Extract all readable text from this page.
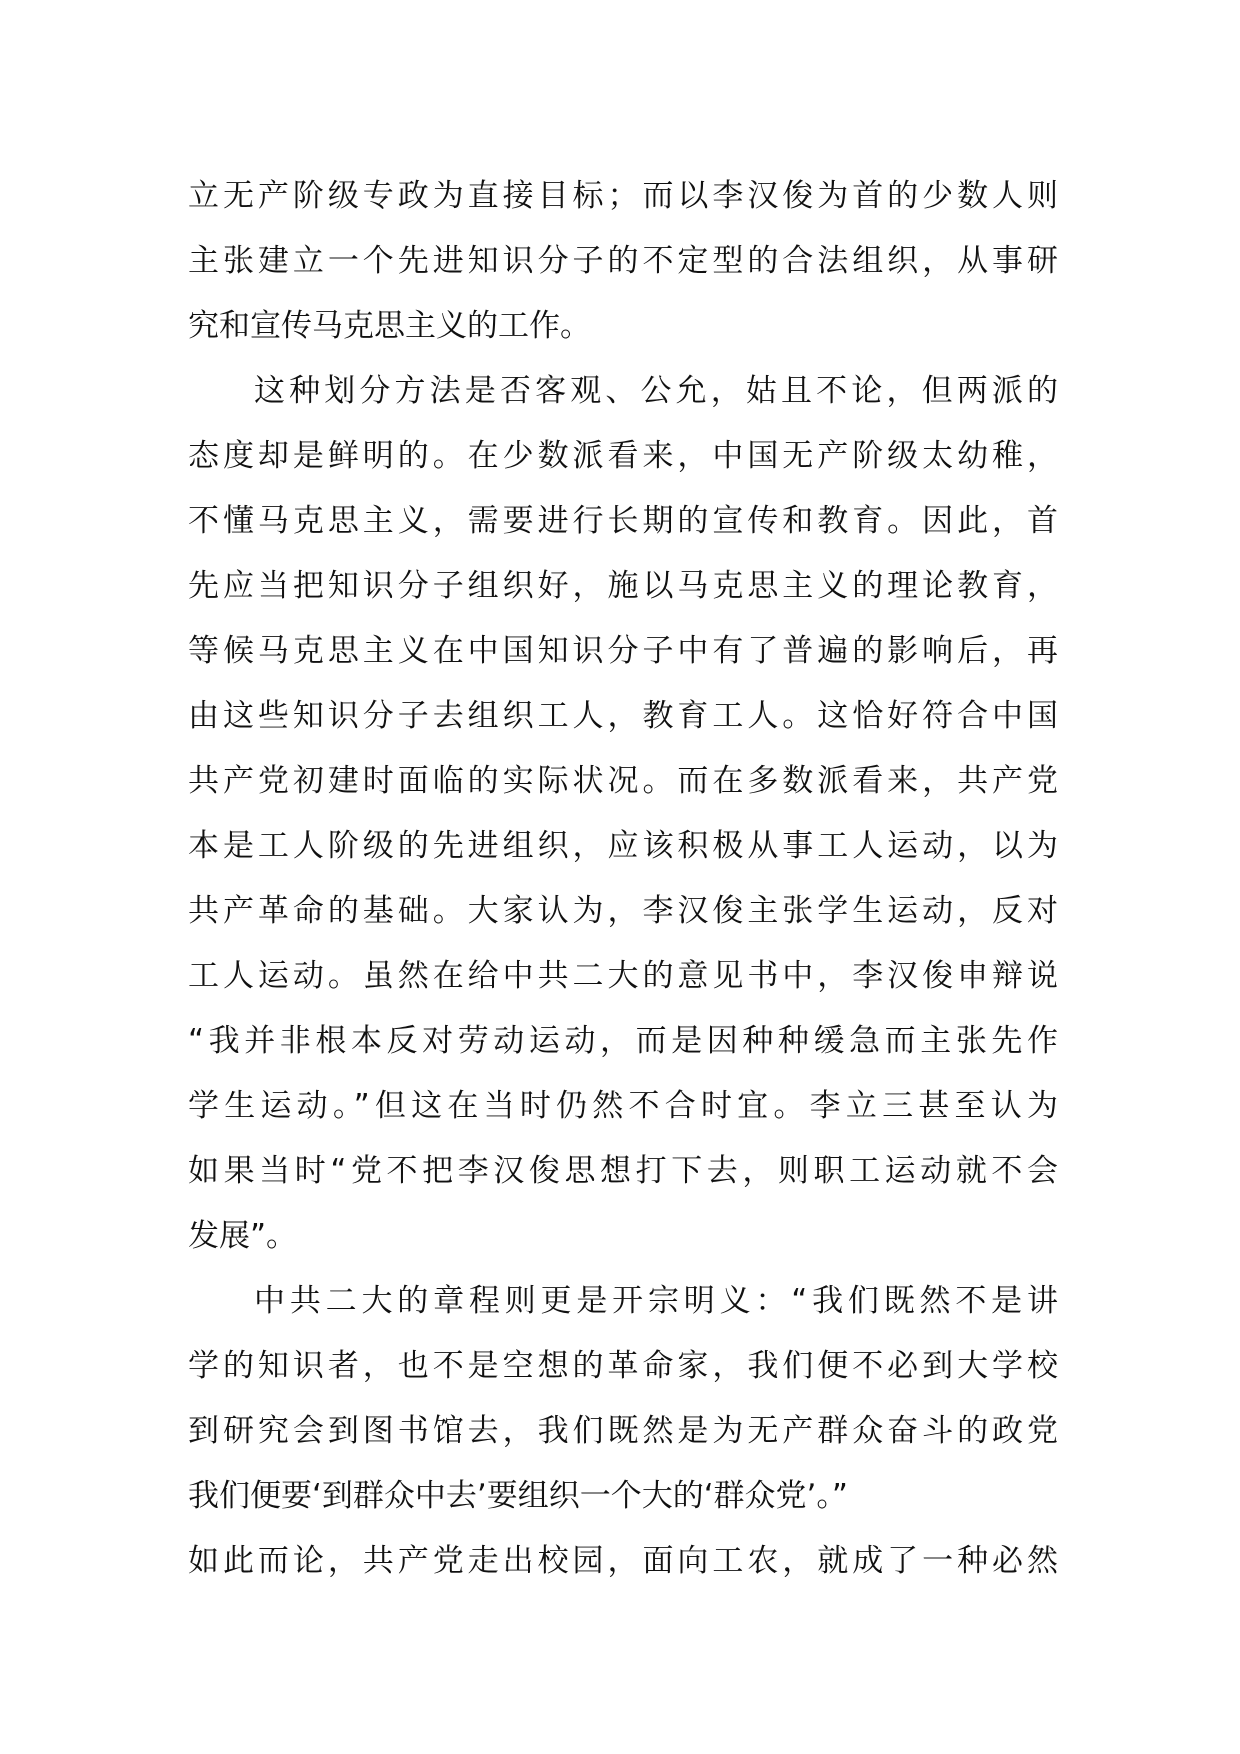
立无产阶级专政为直接目标；而以李汉俊为首的少数人则
主张建立一个先进知识分子的不定型的合法组织，从事研
究和宣传马克思主义的工作。
这种划分方法是否客观、公允，姑且不论，但两派的
态度却是鲜明的。在少数派看来，中国无产阶级太幼稚，
不懂马克思主义，需要进行长期的宣传和教育。因此，首
先应当把知识分子组织好，施以马克思主义的理论教育，
等候马克思主义在中国知识分子中有了普遍的影响后，再
由这些知识分子去组织工人，教育工人。这恰好符合中国
共产党初建时面临的实际状况。而在多数派看来，共产党
本是工人阶级的先进组织，应该积极从事工人运动，以为
共产革命的基础。大家认为，李汉俊主张学生运动，反对
工人运动。虽然在给中共二大的意见书中，李汉俊申辩说
“我并非根本反对劳动运动，而是因种种缓急而主张先作
学生运动。”但这在当时仍然不合时宜。李立三甚至认为
如果当时“党不把李汉俊思想打下去，则职工运动就不会
发展”。
中共二大的章程则更是开宗明义：“我们既然不是讲
学的知识者，也不是空想的革命家，我们便不必到大学校
到研究会到图书馆去，我们既然是为无产群众奋斗的政党
我们便要‘到群众中去’要组织一个大的‘群众党’。”
如此而论，共产党走出校园，面向工农，就成了一种必然
